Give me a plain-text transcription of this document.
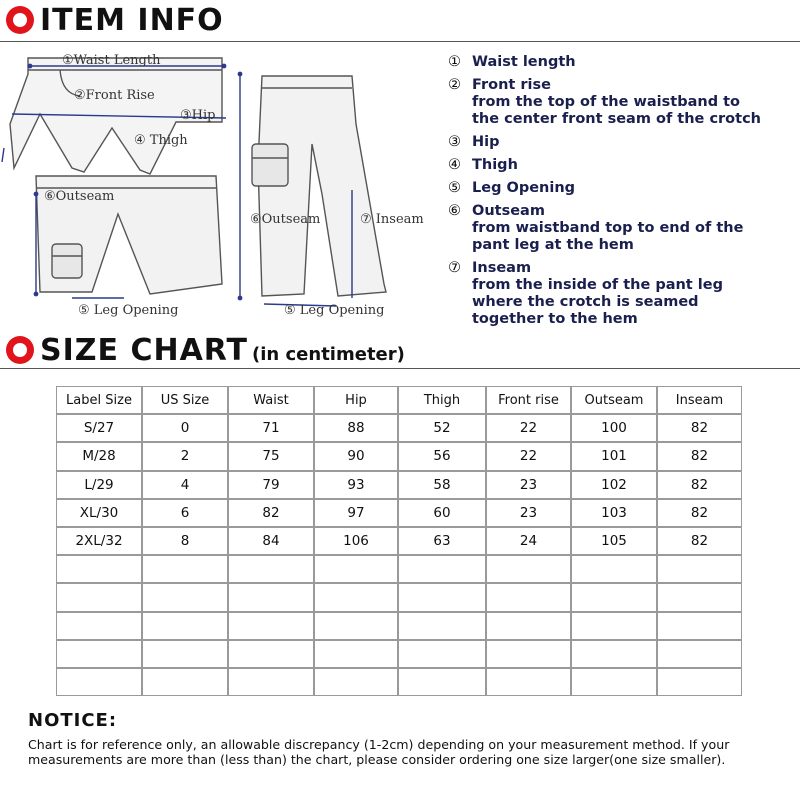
ITEM INFO
①Waist Length
②Front Rise
③Hip
④ Thigh
⑥Outseam
⑤ Leg Opening
⑥Outseam	⑦ Inseam
⑤ Leg Opening
① Waist length
② Front rise
from the top of the waistband to
the center front seam of the crotch
③ Hip
④ Thigh
⑤ Leg Opening
⑥ Outseam
from waistband top to end of the
pant leg at the hem
⑦ Inseam
from the inside of the pant leg
where the crotch is seamed
together to the hem
SIZE CHART (in centimeter)
Label Size	US Size	Waist	Hip	Thigh	Front rise	Outseam	Inseam
S/27	0	71	88	52	22	100	82
M/28	2	75	90	56	22	101	82
L/29	4	79	93	58	23	102	82
XL/30	6	82	97	60	23	103	82
2XL/32	8	84	106	63	24	105	82

NOTICE:
Chart is for reference only, an allowable discrepancy (1-2cm) depending on your measurement method. If your measurements are more than (less than) the chart, please consider ordering one size larger(one size smaller).
